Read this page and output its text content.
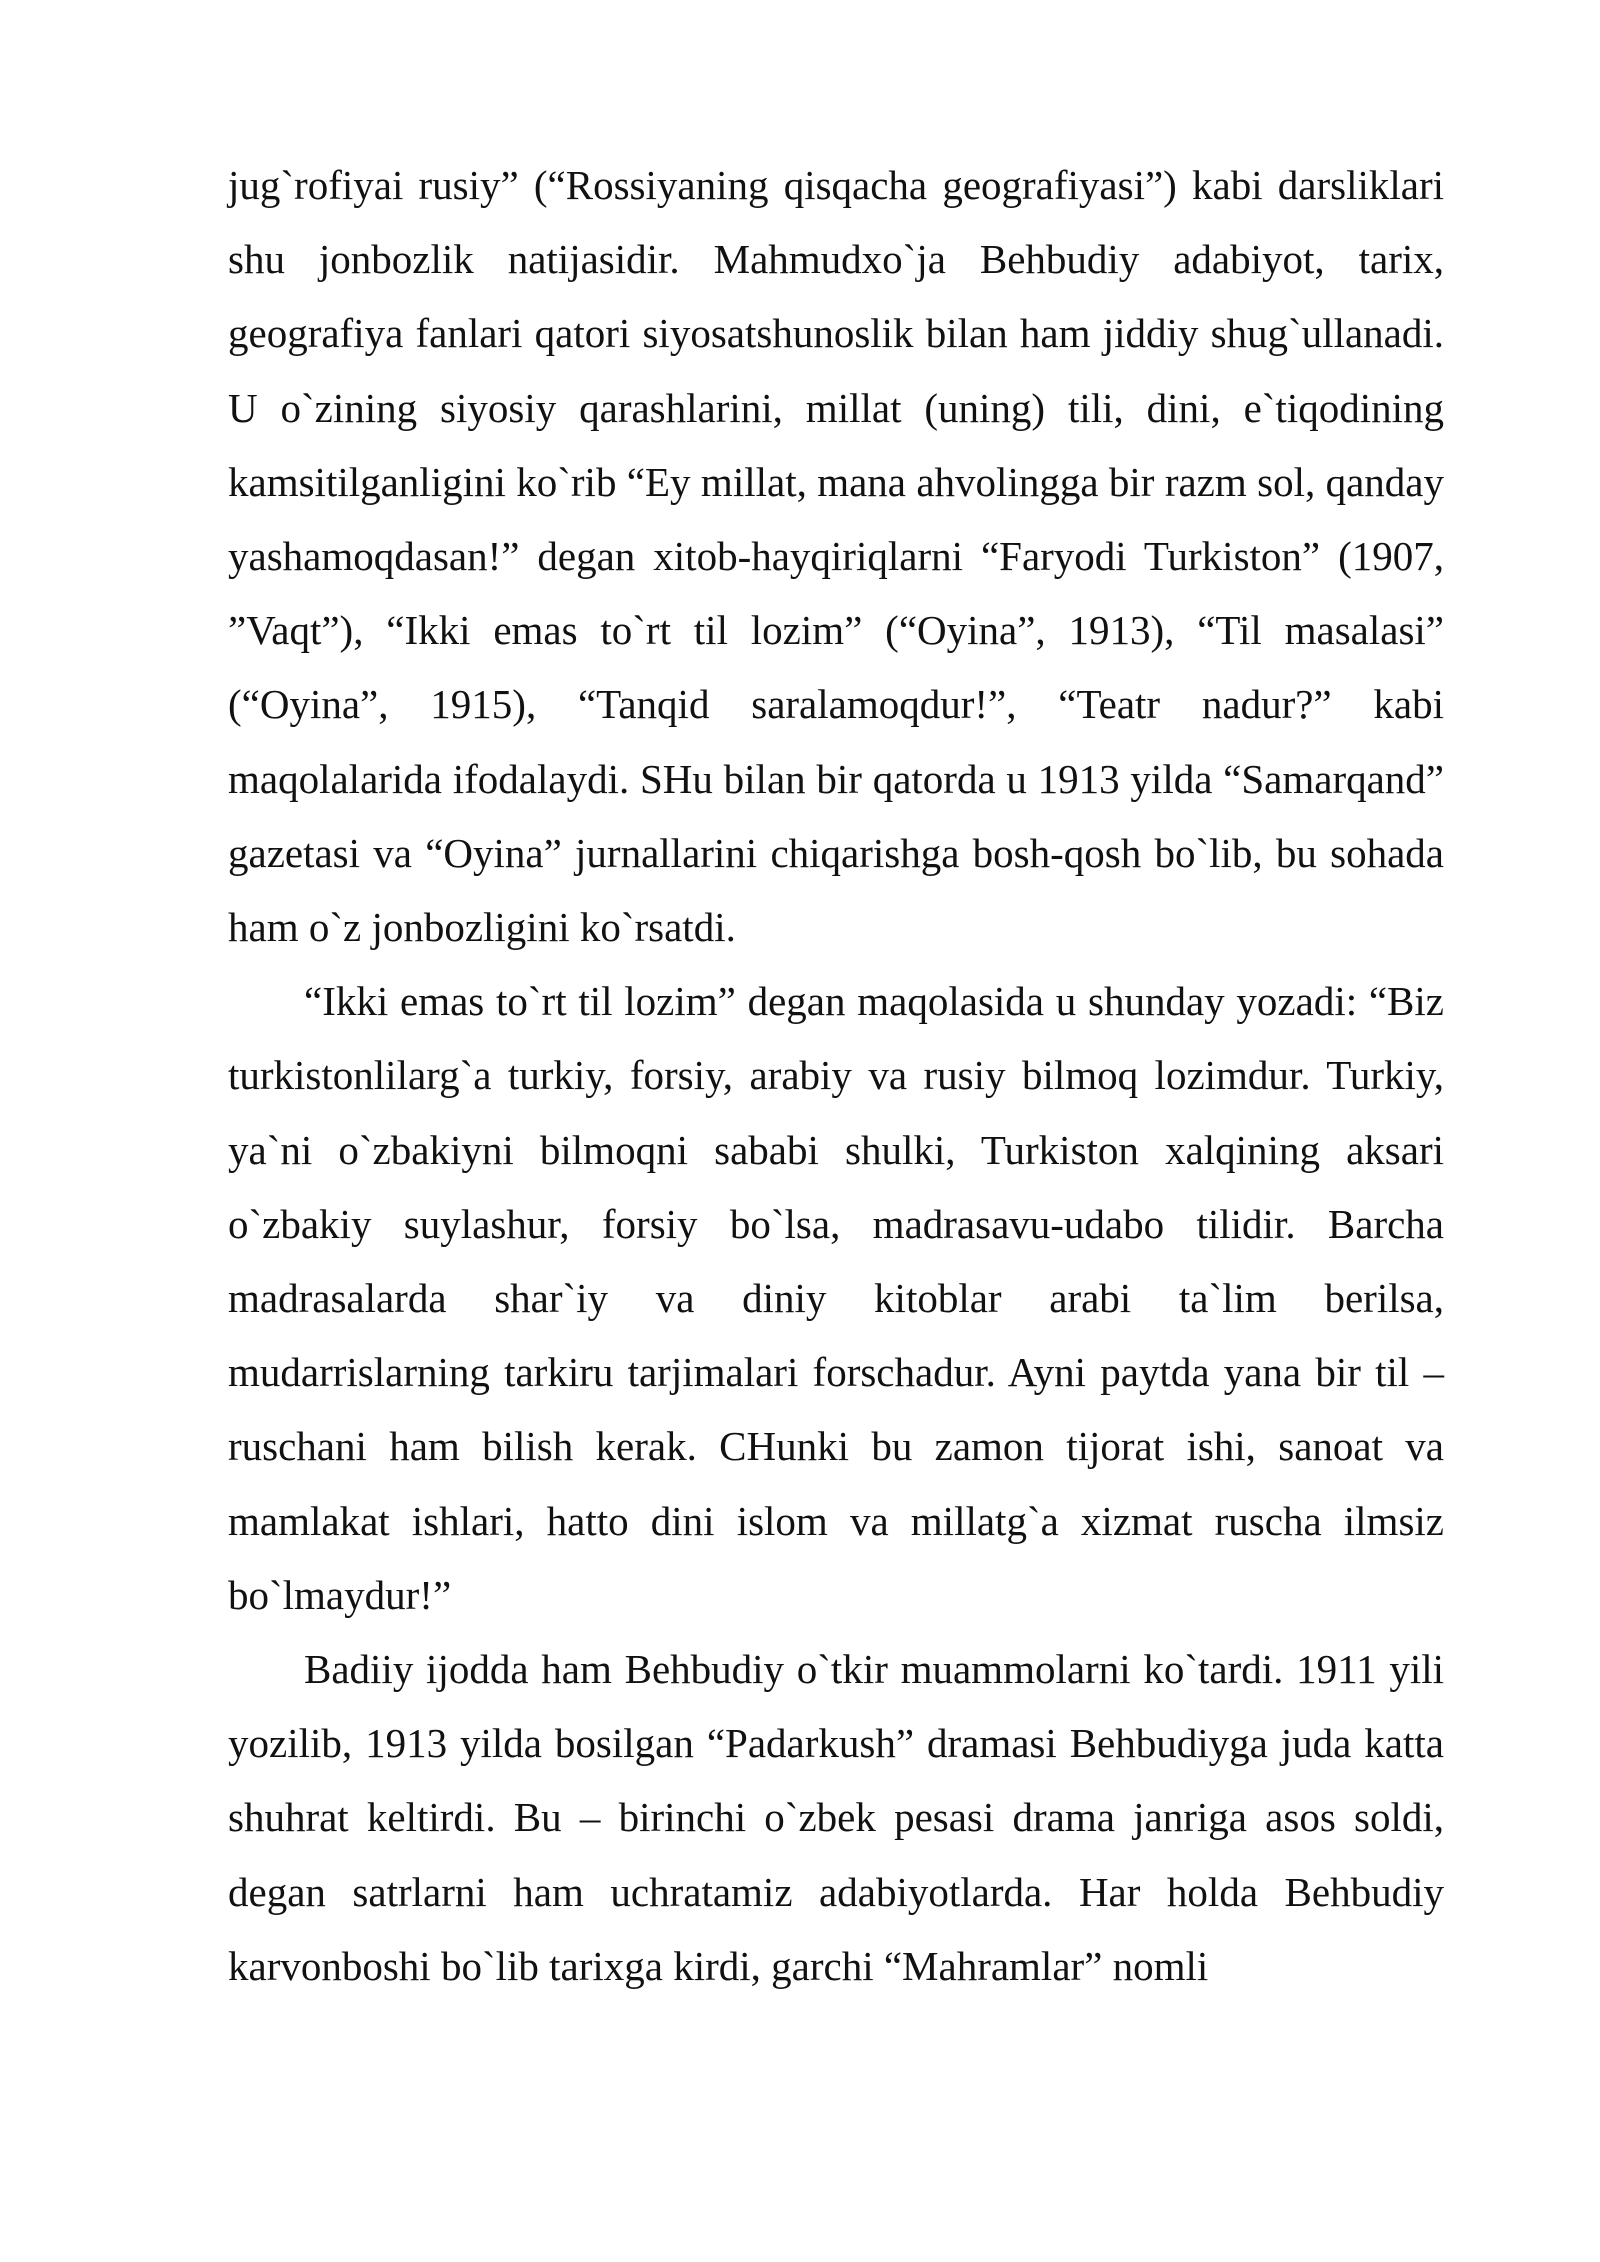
jug`rofiyai rusiy” (“Rossiyaning qisqacha geografiyasi”) kabi darsliklari shu jonbozlik natijasidir. Mahmudxo`ja Behbudiy adabiyot, tarix, geografiya fanlari qatori siyosatshunoslik bilan ham jiddiy shug`ullanadi. U o`zining siyosiy qarashlarini, millat (uning) tili, dini, e`tiqodining kamsitilganligini ko`rib “Ey millat, mana ahvolingga bir razm sol, qanday yashamoqdasan!” degan xitob-hayqiriqlarni “Faryodi Turkiston” (1907, ”Vaqt”), “Ikki emas to`rt til lozim” (“Oyina”, 1913), “Til masalasi” (“Oyina”, 1915), “Tanqid saralamoqdur!”, “Teatr nadur?” kabi maqolalarida ifodalaydi. SHu bilan bir qatorda u 1913 yilda “Samarqand” gazetasi va “Oyina” jurnallarini chiqarishga bosh-qosh bo`lib, bu sohada ham o`z jonbozligini ko`rsatdi.

“Ikki emas to`rt til lozim” degan maqolasida u shunday yozadi: “Biz turkistonlilarg`a turkiy, forsiy, arabiy va rusiy bilmoq lozimdur. Turkiy, ya`ni o`zbakiyni bilmoqni sababi shulki, Turkiston xalqining aksari o`zbakiy suylashur, forsiy bo`lsa, madrasavu-udabo tilidir. Barcha madrasalarda shar`iy va diniy kitoblar arabi ta`lim berilsa, mudarrislarning tarkiru tarjimalari forschadur. Ayni paytda yana bir til – ruschani ham bilish kerak. CHunki bu zamon tijorat ishi, sanoat va mamlakat ishlari, hatto dini islom va millatg`a xizmat ruscha ilmsiz bo`lmaydur!”

Badiiy ijodda ham Behbudiy o`tkir muammolarni ko`tardi. 1911 yili yozilib, 1913 yilda bosilgan “Padarkush” dramasi Behbudiyga juda katta shuhrat keltirdi. Bu – birinchi o`zbek pesasi drama janriga asos soldi, degan satrlarni ham uchratamiz adabiyotlarda. Har holda Behbudiy karvonboshi bo`lib tarixga kirdi, garchi “Mahramlar” nomli
